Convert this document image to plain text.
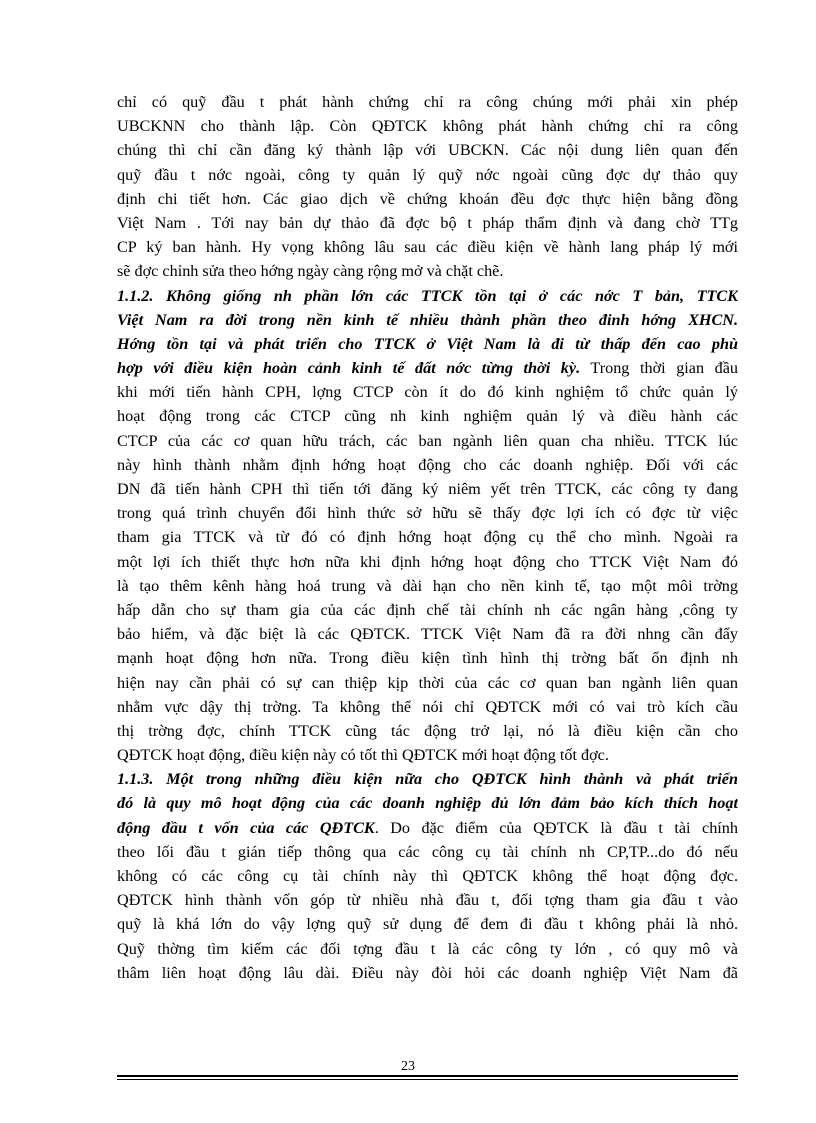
chỉ có quỹ đầu t phát hành chứng chỉ ra công chúng mới phải xin phép
UBCKNN cho thành lập. Còn QĐTCK không phát hành chứng chỉ ra công
chúng thì chỉ cần đăng ký thành lập với UBCKN. Các nội dung liên quan đến
quỹ đầu t nớc ngoài, công ty quản lý quỹ nớc ngoài cũng đợc dự thảo quy
định chi tiết hơn. Các giao dịch về chứng khoán đều đợc thực hiện bằng đồng
Việt Nam . Tới nay bản dự thảo đã đợc bộ t pháp thẩm định và đang chờ TTg
CP ký ban hành. Hy vọng không lâu sau các điều kiện về hành lang pháp lý mới
sẽ đợc chỉnh sửa theo hớng ngày càng rộng mở và chặt chẽ.
1.1.2. Không giống nh phần lớn các TTCK tồn tại ở các nớc T bản, TTCK
Việt Nam ra đời trong nền kinh tế nhiều thành phần theo đinh hớng XHCN.
Hớng tồn tại và phát triển cho TTCK ở Việt Nam là đi từ thấp đến cao phù
hợp với điều kiện hoàn cảnh kinh tế đất nớc từng thời kỳ. Trong thời gian đầu
khi mới tiến hành CPH, lợng CTCP còn ít do đó kinh nghiệm tổ chức quản lý
hoạt động trong các CTCP cũng nh kinh nghiệm quản lý và điều hành các
CTCP của các cơ quan hữu trách, các ban ngành liên quan cha nhiều. TTCK lúc
này hình thành nhằm định hớng hoạt động cho các doanh nghiệp. Đối với các
DN đã tiến hành CPH thì tiến tới đăng ký niêm yết trên TTCK, các công ty đang
trong quá trình chuyển đổi hình thức sở hữu sẽ thấy đợc lợi ích có đợc từ việc
tham gia TTCK và từ đó có định hớng hoạt động cụ thể cho mình. Ngoài ra
một lợi ích thiết thực hơn nữa khi định hớng hoạt động cho TTCK Việt Nam đó
là tạo thêm kênh hàng hoá trung và dài hạn cho nền kinh tế, tạo một môi trờng
hấp dẫn cho sự tham gia của các định chế tài chính nh các ngân hàng ,công ty
bảo hiểm, và đặc biệt là các QĐTCK. TTCK Việt Nam đã ra đời nhng cần đẩy
mạnh hoạt động hơn nữa. Trong điều kiện tình hình thị trờng bất ổn định nh
hiện nay cần phải có sự can thiệp kịp thời của các cơ quan ban ngành liên quan
nhằm vực dậy thị trờng. Ta không thể nói chỉ QĐTCK mới có vai trò kích cầu
thị trờng đợc, chính TTCK cũng tác động trở lại, nó là điều kiện cần cho
QĐTCK hoạt động, điều kiện này có tốt thì QĐTCK mới hoạt động tốt đợc.
1.1.3. Một trong những điều kiện nữa cho QĐTCK hình thành và phát triển
đó là quy mô hoạt động của các doanh nghiệp đủ lớn đảm bảo kích thích hoạt
động đầu t vốn của các QĐTCK. Do đặc điểm của QĐTCK là đầu t tài chính
theo lối đầu t gián tiếp thông qua các công cụ tài chính nh CP,TP...do đó nếu
không có các công cụ tài chính này thì QĐTCK không thể hoạt động đợc.
QĐTCK hình thành vốn góp từ nhiều nhà đầu t, đối tợng tham gia đầu t vào
quỹ là khá lớn do vậy lợng quỹ sử dụng để đem đi đầu t không phải là nhỏ.
Quỹ thờng tìm kiếm các đối tợng đầu t là các công ty lớn , có quy mô và
thâm liên hoạt động lâu dài. Điều này đòi hỏi các doanh nghiệp Việt Nam đã
23
